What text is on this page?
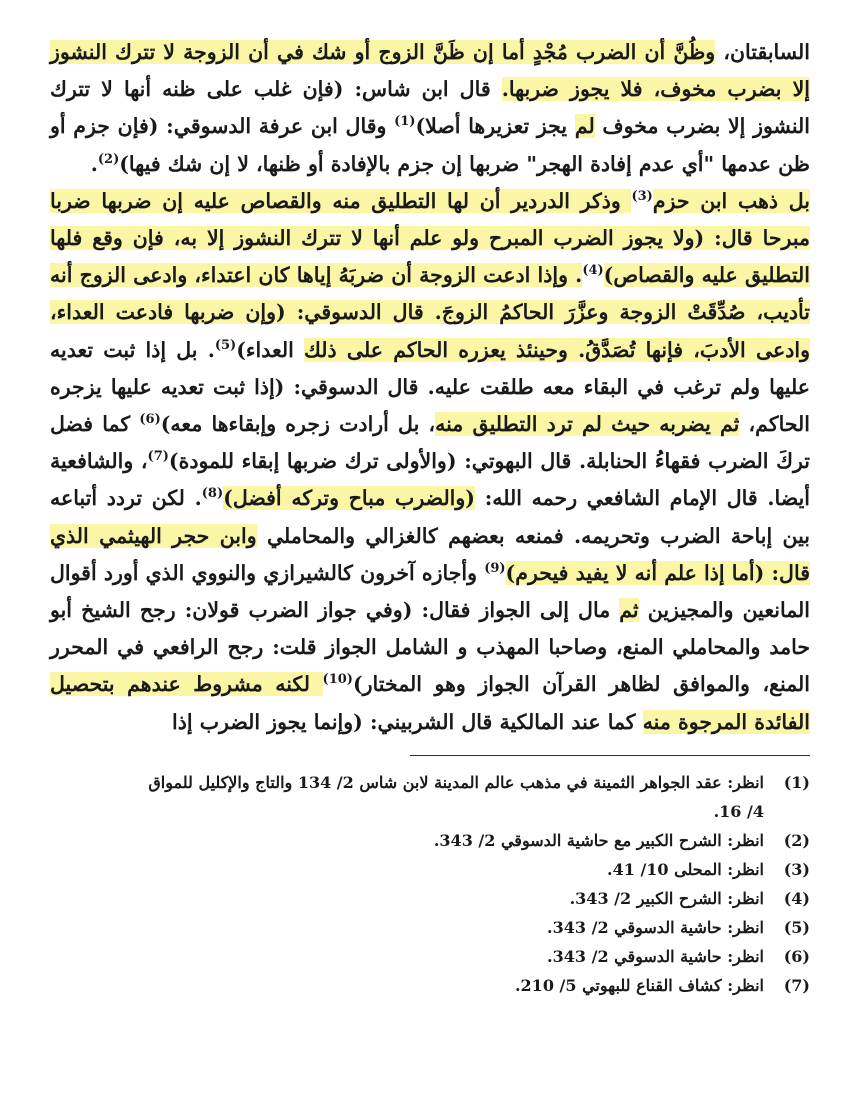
السابقتان، وظُنَّ أن الضرب مُجْدٍ أما إن ظَنَّ الزوج أو شك في أن الزوجة لا تترك النشوز إلا بضرب مخوف، فلا يجوز ضربها. قال ابن شاس: (فإن غلب على ظنه أنها لا تترك النشوز إلا بضرب مخوف لم يجز تعزيرها أصلا)$^{(1)}$ وقال ابن عرفة الدسوقي: (فإن جزم أو ظن عدمها "أي عدم إفادة الهجر" ضربها إن جزم بالإفادة أو ظنها، لا إن شك فيها)$^{(2)}$.

بل ذهب ابن حزم$^{(3)}$ وذكر الدردير أن لها التطليق منه والقصاص عليه إن ضربها ضربا مبرحا قال: (ولا يجوز الضرب المبرح ولو علم أنها لا تترك النشوز إلا به، فإن وقع فلها التطليق عليه والقصاص)$^{(4)}$. وإذا ادعت الزوجة أن ضربَهُ إياها كان اعتداء، وادعى الزوج أنه تأديب، صُدِّقَتْ الزوجة وعزَّرَ الحاكمُ الزوجَ. قال الدسوقي: (وإن ضربها فادعت العداء، وادعى الأدبَ، فإنها تُصَدَّقُ. وحينئذ يعزره الحاكم على ذلك العداء)$^{(5)}$. بل إذا ثبت تعديه عليها ولم ترغب في البقاء معه طلقت عليه. قال الدسوقي: (إذا ثبت تعديه عليها يزجره الحاكم، ثم يضربه حيث لم ترد التطليق منه، بل أرادت زجره وإبقاءها معه)$^{(6)}$ كما فضل تركَ الضرب فقهاءُ الحنابلة. قال البهوتي: (والأولى ترك ضربها إبقاء للمودة)$^{(7)}$، والشافعية أيضا. قال الإمام الشافعي رحمه الله: (والضرب مباح وتركه أفضل)$^{(8)}$. لكن تردد أتباعه بين إباحة الضرب وتحريمه. فمنعه بعضهم كالغزالي والمحاملي وابن حجر الهيثمي الذي قال: (أما إذا علم أنه لا يفيد فيحرم)$^{(9)}$ وأجازه آخرون كالشيرازي والنووي الذي أورد أقوال المانعين والمجيزين ثم مال إلى الجواز فقال: (وفي جواز الضرب قولان: رجح الشيخ أبو حامد والمحاملي المنع، وصاحبا المهذب و الشامل الجواز قلت: رجح الرافعي في المحرر المنع، والموافق لظاهر القرآن الجواز وهو المختار)$^{(10)}$ لكنه مشروط عندهم بتحصيل الفائدة المرجوة منه كما عند المالكية قال الشربيني: (وإنما يجوز الضرب إذا

(1)
انظر: عقد الجواهر الثمينة في مذهب عالم المدينة لابن شاس 2/ 134 والتاج والإكليل للمواق
4/ 16.
(2)
انظر: الشرح الكبير مع حاشية الدسوقي 2/ 343.
(3)
انظر: المحلى 10/ 41.
(4)
انظر: الشرح الكبير 2/ 343.
(5)
انظر: حاشية الدسوقي 2/ 343.
(6)
انظر: حاشية الدسوقي 2/ 343.
(7)
انظر: كشاف القناع للبهوتي 5/ 210.
